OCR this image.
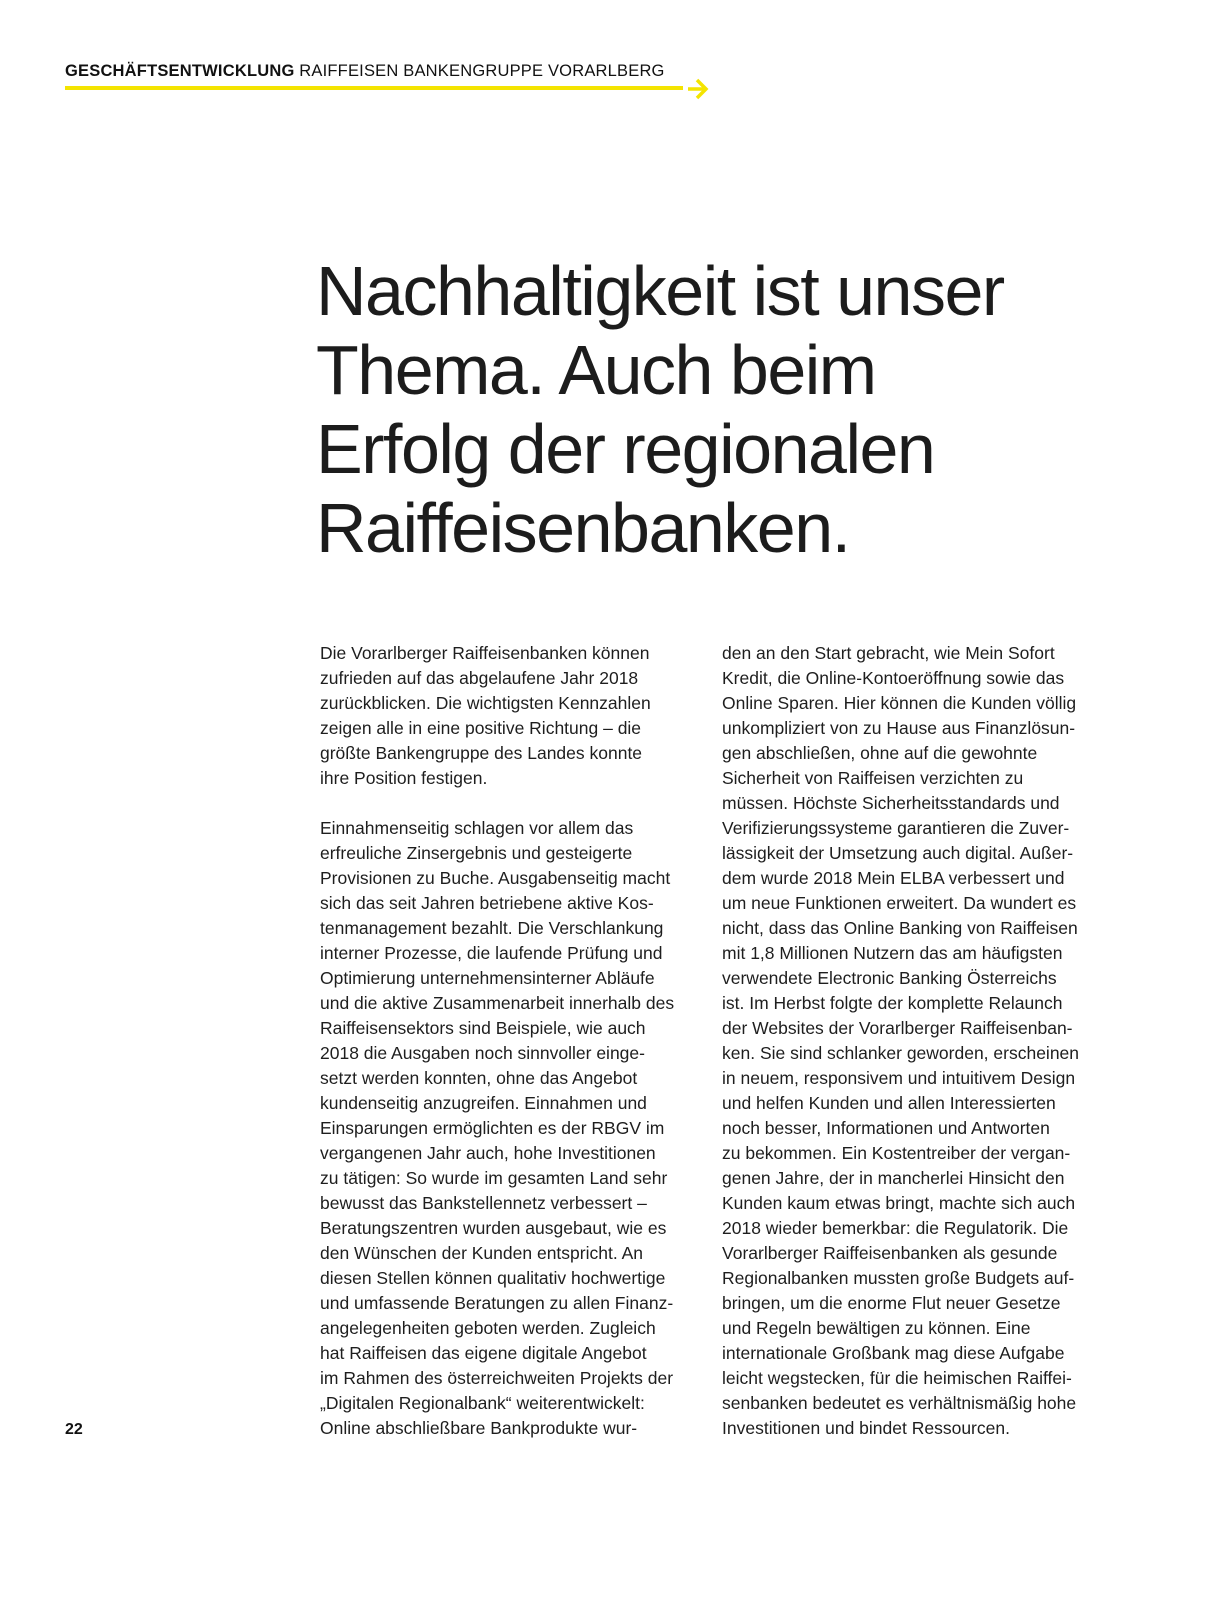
GESCHÄFTSENTWICKLUNG RAIFFEISEN BANKENGRUPPE VORARLBERG
Nachhaltigkeit ist unser
Thema. Auch beim
Erfolg der regionalen
Raiffeisenbanken.
Die Vorarlberger Raiffeisenbanken können
zufrieden auf das abgelaufene Jahr 2018
zurückblicken. Die wichtigsten Kennzahlen
zeigen alle in eine positive Richtung – die
größte Bankengruppe des Landes konnte
ihre Position festigen.
Einnahmenseitig schlagen vor allem das
erfreuliche Zinsergebnis und gesteigerte
Provisionen zu Buche. Ausgabenseitig macht
sich das seit Jahren betriebene aktive Kos-
tenmanagement bezahlt. Die Verschlankung
interner Prozesse, die laufende Prüfung und
Optimierung unternehmensinterner Abläufe
und die aktive Zusammenarbeit innerhalb des
Raiffeisensektors sind Beispiele, wie auch
2018 die Ausgaben noch sinnvoller einge-
setzt werden konnten, ohne das Angebot
kundenseitig anzugreifen. Einnahmen und
Einsparungen ermöglichten es der RBGV im
vergangenen Jahr auch, hohe Investitionen
zu tätigen: So wurde im gesamten Land sehr
bewusst das Bankstellennetz verbessert –
Beratungszentren wurden ausgebaut, wie es
den Wünschen der Kunden entspricht. An
diesen Stellen können qualitativ hochwertige
und umfassende Beratungen zu allen Finanz-
angelegenheiten geboten werden. Zugleich
hat Raiffeisen das eigene digitale Angebot
im Rahmen des österreichweiten Projekts der
„Digitalen Regionalbank“ weiterentwickelt:
Online abschließbare Bankprodukte wur-
den an den Start gebracht, wie Mein Sofort
Kredit, die Online-Kontoeröffnung sowie das
Online Sparen. Hier können die Kunden völlig
unkompliziert von zu Hause aus Finanzlösun-
gen abschließen, ohne auf die gewohnte
Sicherheit von Raiffeisen verzichten zu
müssen. Höchste Sicherheitsstandards und
Verifizierungssysteme garantieren die Zuver-
lässigkeit der Umsetzung auch digital. Außer-
dem wurde 2018 Mein ELBA verbessert und
um neue Funktionen erweitert. Da wundert es
nicht, dass das Online Banking von Raiffeisen
mit 1,8 Millionen Nutzern das am häufigsten
verwendete Electronic Banking Österreichs
ist. Im Herbst folgte der komplette Relaunch
der Websites der Vorarlberger Raiffeisenban-
ken. Sie sind schlanker geworden, erscheinen
in neuem, responsivem und intuitivem Design
und helfen Kunden und allen Interessierten
noch besser, Informationen und Antworten
zu bekommen. Ein Kostentreiber der vergan-
genen Jahre, der in mancherlei Hinsicht den
Kunden kaum etwas bringt, machte sich auch
2018 wieder bemerkbar: die Regulatorik. Die
Vorarlberger Raiffeisenbanken als gesunde
Regionalbanken mussten große Budgets auf-
bringen, um die enorme Flut neuer Gesetze
und Regeln bewältigen zu können. Eine
internationale Großbank mag diese Aufgabe
leicht wegstecken, für die heimischen Raiffei-
senbanken bedeutet es verhältnismäßig hohe
Investitionen und bindet Ressourcen.
22
